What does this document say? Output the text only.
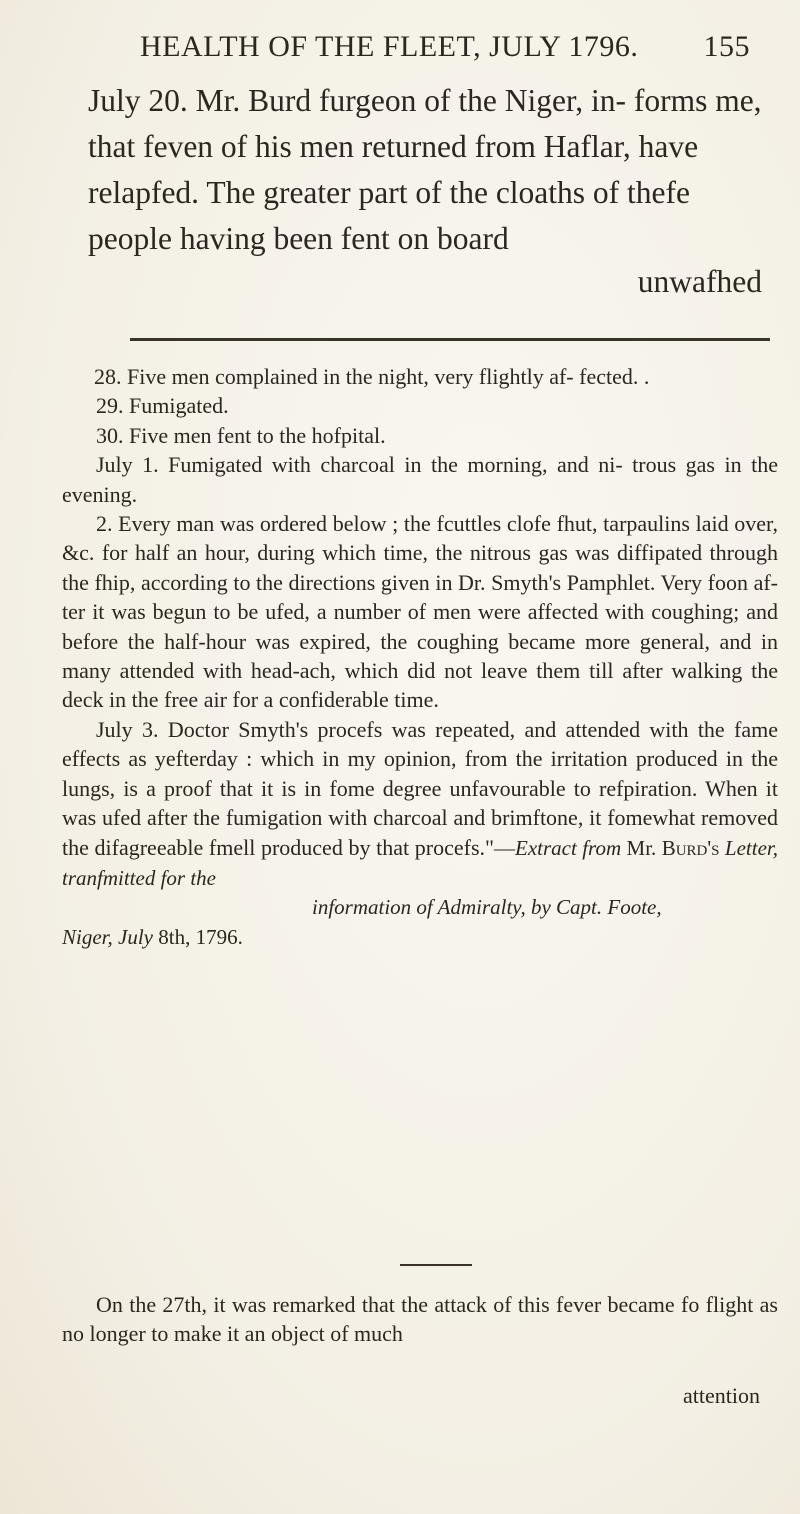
HEALTH OF THE FLEET, JULY 1796. 155

July 20. Mr. Burd furgeon of the Niger, in- forms me, that feven of his men returned from Haflar, have relapfed. The greater part of the cloaths of thefe people having been fent on board

unwafhed

28. Five men complained in the night, very flightly af- fected. .

29. Fumigated.

30. Five men fent to the hofpital.

July 1. Fumigated with charcoal in the morning, and ni- trous gas in the evening.

2. Every man was ordered below ; the fcuttles clofe fhut, tarpaulins laid over, &c. for half an hour, during which time, the nitrous gas was diffipated through the fhip, according to the directions given in Dr. Smyth's Pamphlet. Very foon af- ter it was begun to be ufed, a number of men were affected with coughing; and before the half-hour was expired, the coughing became more general, and in many attended with head-ach, which did not leave them till after walking the deck in the free air for a confiderable time.

July 3. Doctor Smyth's procefs was repeated, and attended with the fame effects as yefterday : which in my opinion, from the irritation produced in the lungs, is a proof that it is in fome degree unfavourable to refpiration. When it was ufed after the fumigation with charcoal and brimftone, it fomewhat removed the difagreeable fmell produced by that procefs."—Extract from Mr. Burd's Letter, tranfmitted for the
information of Admiralty, by Capt. Foote,
Niger, July 8th, 1796.

On the 27th, it was remarked that the attack of this fever became fo flight as no longer to make it an object of much

attention
